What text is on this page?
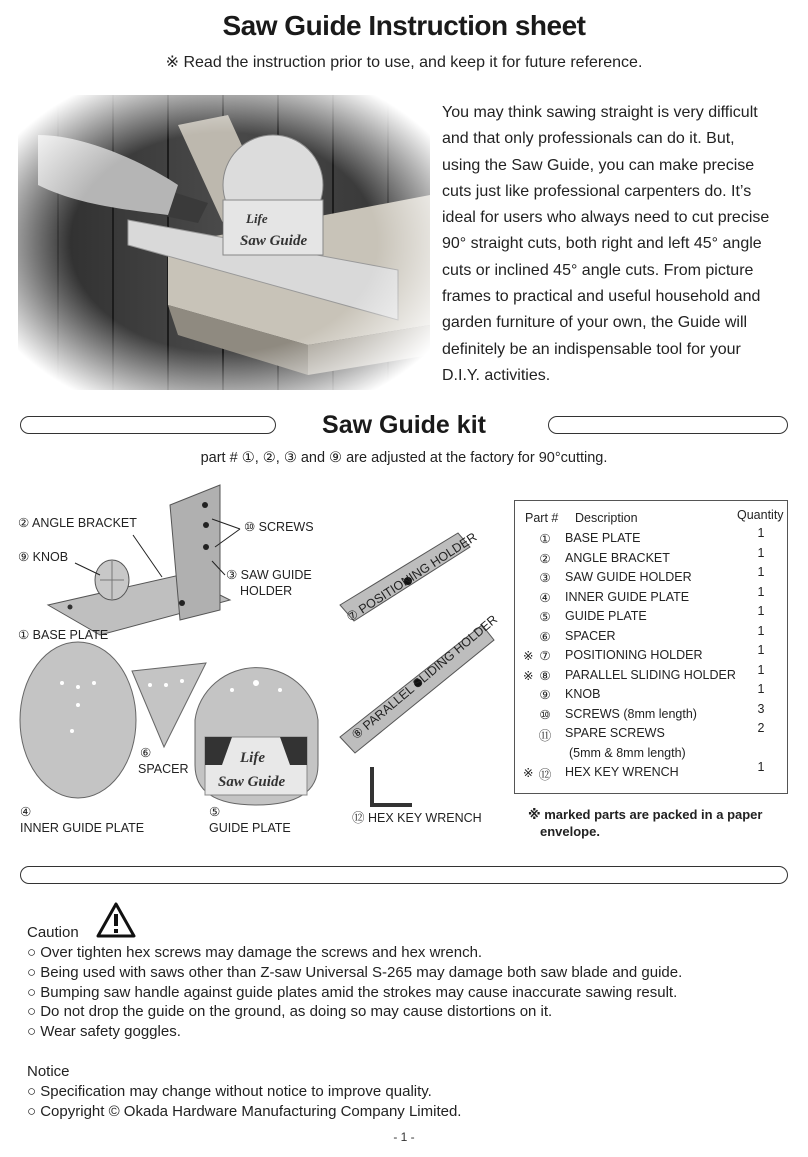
Saw Guide Instruction sheet
※ Read the instruction prior to use, and keep it for future reference.
You may think sawing straight is very difficult
and that only professionals can do it. But,
using the Saw Guide, you can make precise
cuts just like professional carpenters do. It’s
ideal for users who always need to cut precise
90° straight cuts, both right and left 45° angle
cuts or inclined 45° angle cuts. From picture
frames to practical and useful household and
garden furniture of your own, the Guide will
definitely be an indispensable tool for your
D.I.Y. activities.
Saw Guide kit
part # ①, ②, ③ and ⑨ are adjusted at the factory for 90°cutting.
Life
Saw Guide
⑦ POSITIONING HOLDER
⑧ PARALLEL SLIDING HOLDER
② ANGLE BRACKET
⑨ KNOB
⑩ SCREWS
③ SAW GUIDE
HOLDER
① BASE PLATE
⑥
SPACER
④
INNER GUIDE PLATE
⑤
GUIDE PLATE
⑫ HEX KEY WRENCH
Part # Description	Quantity
① BASE PLATE	1
② ANGLE BRACKET	1
③ SAW GUIDE HOLDER	1
④ INNER GUIDE PLATE	1
⑤ GUIDE PLATE	1
⑥ SPACER	1
※ ⑦ POSITIONING HOLDER	1
※ ⑧ PARALLEL SLIDING HOLDER	1
⑨ KNOB	1
⑩ SCREWS (8mm length)	3
⑪ SPARE SCREWS	2
(5mm & 8mm length)
※ ⑫ HEX KEY WRENCH	1
※ marked parts are packed in a paper
envelope.
Caution
○ Over tighten hex screws may damage the screws and hex wrench.
○ Being used with saws other than Z-saw Universal S-265 may damage both saw blade and guide.
○ Bumping saw handle against guide plates amid the strokes may cause inaccurate sawing result.
○ Do not drop the guide on the ground, as doing so may cause distortions on it.
○ Wear safety goggles.
Notice
○ Specification may change without notice to improve quality.
○ Copyright © Okada Hardware Manufacturing Company Limited.
- 1 -
